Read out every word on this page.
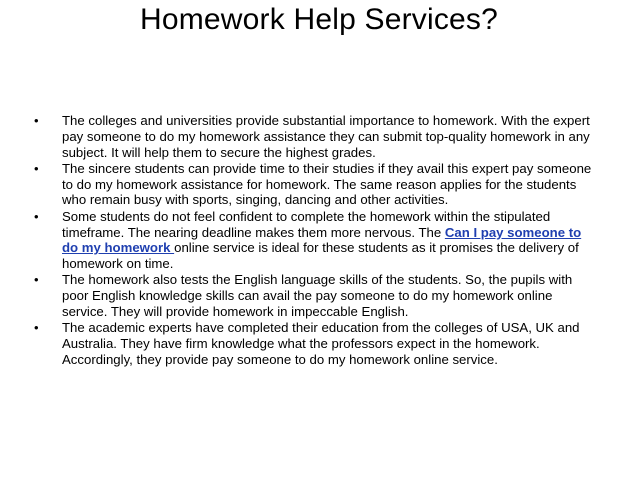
Homework Help Services?
•	The colleges and universities provide substantial importance to homework. With the expert pay someone to do my homework assistance they can submit top-quality homework in any subject. It will help them to secure the highest grades.
•	The sincere students can provide time to their studies if they avail this expert pay someone to do my homework assistance for homework. The same reason applies for the students who remain busy with sports, singing, dancing and other activities.
•	Some students do not feel confident to complete the homework within the stipulated timeframe. The nearing deadline makes them more nervous. The Can I pay someone to do my homework online service is ideal for these students as it promises the delivery of homework on time.
•	The homework also tests the English language skills of the students. So, the pupils with poor English knowledge skills can avail the pay someone to do my homework online service. They will provide homework in impeccable English.
•	The academic experts have completed their education from the colleges of USA, UK and Australia. They have firm knowledge what the professors expect in the homework. Accordingly, they provide pay someone to do my homework online service.
